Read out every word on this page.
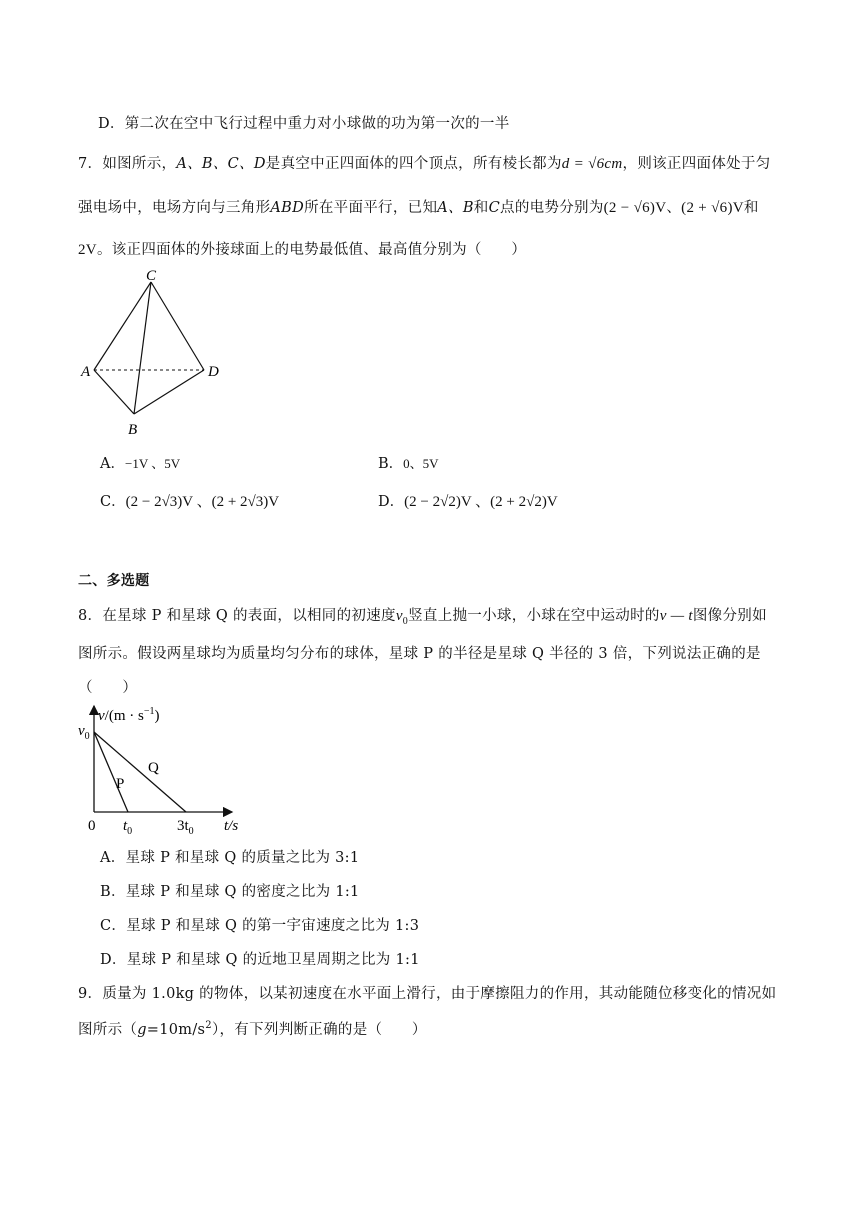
D．第二次在空中飞行过程中重力对小球做的功为第一次的一半
7．如图所示，A、B、C、D是真空中正四面体的四个顶点，所有棱长都为d = √6cm，则该正四面体处于匀
强电场中，电场方向与三角形ABD所在平面平行，已知A、B和C点的电势分别为(2 − √6)V、(2 + √6)V和
2V。该正四面体的外接球面上的电势最低值、最高值分别为（　　）
C
A	D
B
A．−1V 、5V	B．0、5V
C．(2 − 2√3)V 、(2 + 2√3)V	D．(2 − 2√2)V 、(2 + 2√2)V
二、多选题
8．在星球 P 和星球 Q 的表面，以相同的初速度$v_0$竖直上抛一小球，小球在空中运动时的v — t图像分别如
图所示。假设两星球均为质量均匀分布的球体，星球 P 的半径是星球 Q 半径的 3 倍，下列说法正确的是
（　　）
$v/(m \cdot s^{-1})$
$v_0$
Q
P
0 $t_0$	$3t_0$ t/s
A．星球 P 和星球 Q 的质量之比为 3:1
B．星球 P 和星球 Q 的密度之比为 1:1
C．星球 P 和星球 Q 的第一宇宙速度之比为 1:3
D．星球 P 和星球 Q 的近地卫星周期之比为 1:1
9．质量为 1.0kg 的物体，以某初速度在水平面上滑行，由于摩擦阻力的作用，其动能随位移变化的情况如
图所示$(g=10m/s^2)$，有下列判断正确的是（　　）
